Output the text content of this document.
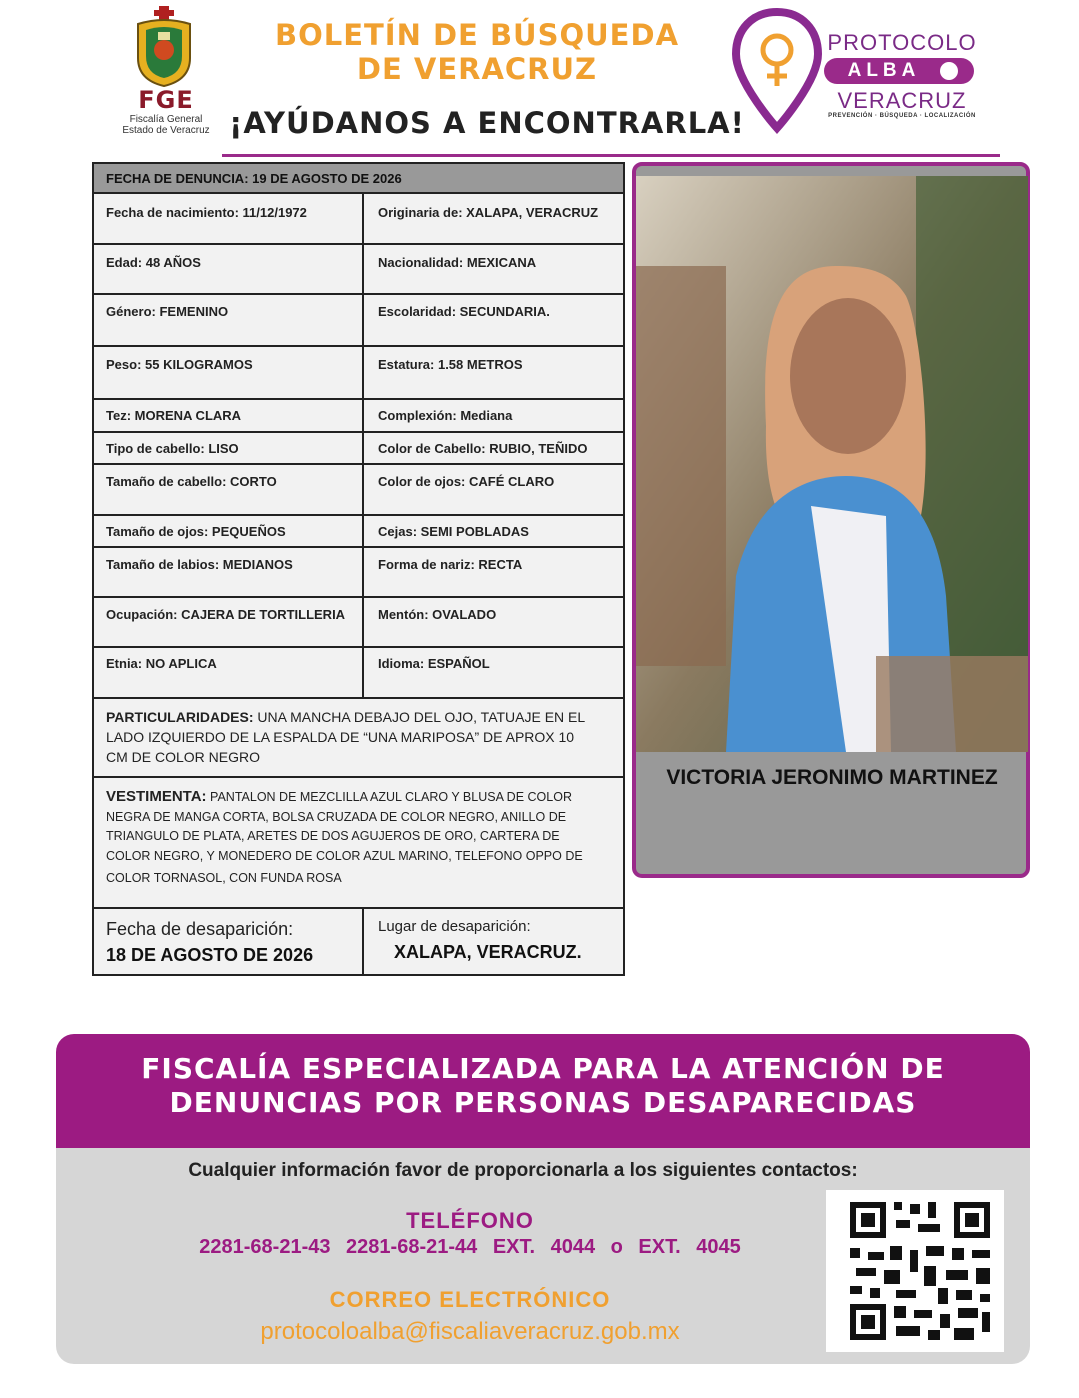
FGE
Fiscalía General
Estado de Veracruz
BOLETÍN DE BÚSQUEDA
DE VERACRUZ
¡AYÚDANOS A ENCONTRARLA!
PROTOCOLO
ALBA
VERACRUZ
PREVENCIÓN · BÚSQUEDA · LOCALIZACIÓN
FECHA DE DENUNCIA: 19 DE AGOSTO DE 2026
Fecha de nacimiento: 11/12/1972	Originaria de: XALAPA, VERACRUZ
Edad: 48 AÑOS	Nacionalidad: MEXICANA
Género: FEMENINO	Escolaridad: SECUNDARIA.
Peso: 55 KILOGRAMOS	Estatura: 1.58 METROS
Tez: MORENA CLARA	Complexión: Mediana
Tipo de cabello: LISO	Color de Cabello: RUBIO, TEÑIDO
Tamaño de cabello: CORTO	Color de ojos: CAFÉ CLARO
Tamaño de ojos: PEQUEÑOS	Cejas: SEMI POBLADAS
Tamaño de labios: MEDIANOS	Forma de nariz: RECTA
Ocupación: CAJERA DE TORTILLERIA	Mentón: OVALADO
Etnia: NO APLICA	Idioma: ESPAÑOL
PARTICULARIDADES: UNA MANCHA DEBAJO DEL OJO, TATUAJE EN EL
LADO IZQUIERDO DE LA ESPALDA DE “UNA MARIPOSA” DE APROX 10
CM DE COLOR NEGRO
VESTIMENTA: PANTALON DE MEZCLILLA AZUL CLARO Y BLUSA DE COLOR
NEGRA DE MANGA CORTA, BOLSA CRUZADA DE COLOR NEGRO, ANILLO DE
TRIANGULO DE PLATA, ARETES DE DOS AGUJEROS DE ORO, CARTERA DE
COLOR NEGRO, Y MONEDERO DE COLOR AZUL MARINO, TELEFONO OPPO DE
COLOR TORNASOL, CON FUNDA ROSA
Fecha de desaparición:
18 DE AGOSTO DE 2026
Lugar de desaparición:
XALAPA, VERACRUZ.
VICTORIA JERONIMO MARTINEZ
FISCALÍA ESPECIALIZADA PARA LA ATENCIÓN DE
DENUNCIAS POR PERSONAS DESAPARECIDAS
Cualquier información favor de proporcionarla a los siguientes contactos:
TELÉFONO
2281-68-21-43 2281-68-21-44 EXT. 4044 o EXT. 4045
CORREO ELECTRÓNICO
protocoloalba@fiscaliaveracruz.gob.mx
